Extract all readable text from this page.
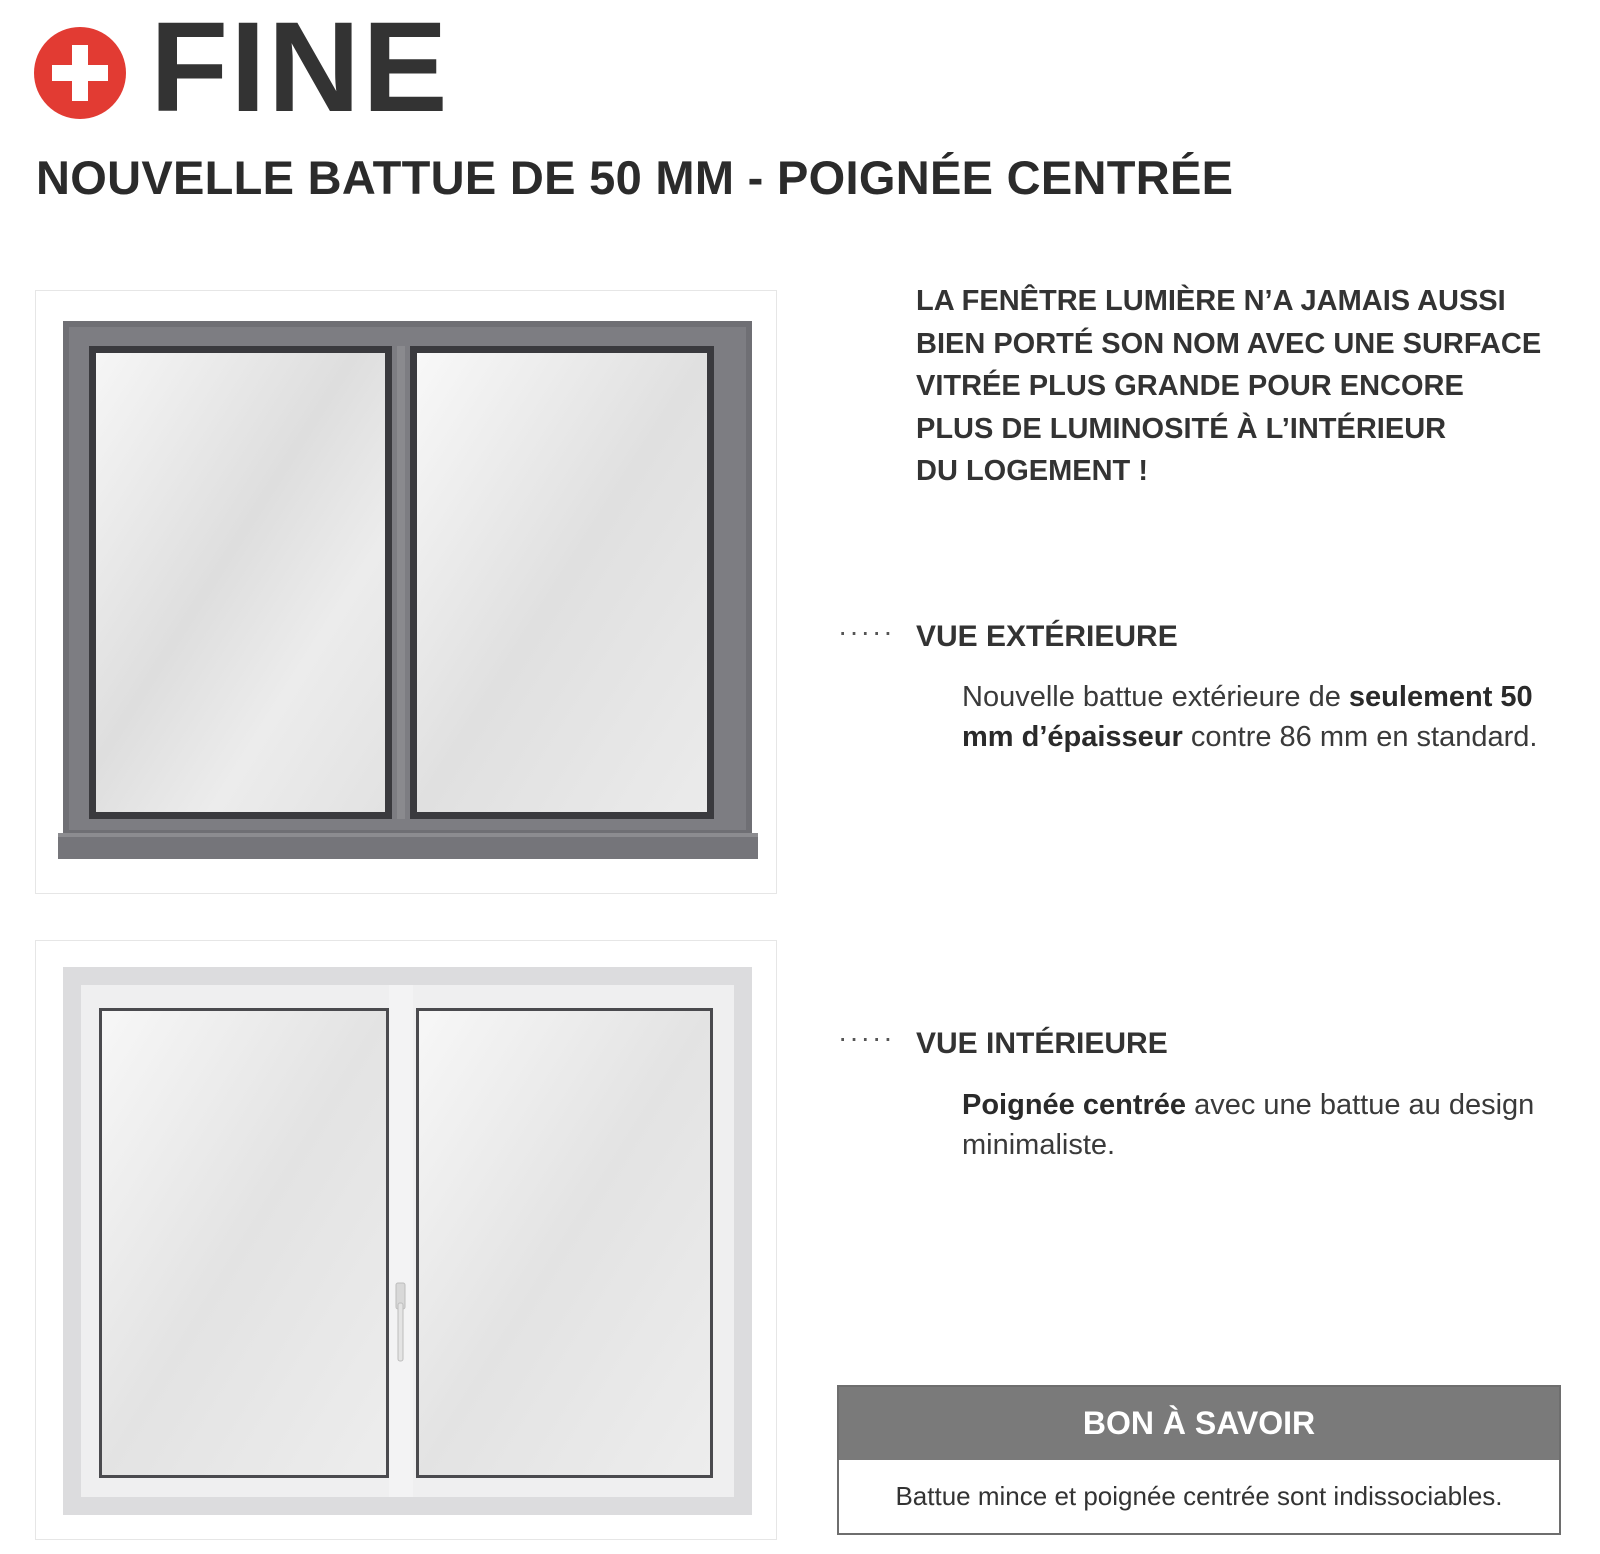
FINE
NOUVELLE BATTUE DE 50 MM - POIGNÉE CENTRÉE
LA FENÊTRE LUMIÈRE N’A JAMAIS AUSSI
BIEN PORTÉ SON NOM AVEC UNE SURFACE
VITRÉE PLUS GRANDE POUR ENCORE
PLUS DE LUMINOSITÉ À L’INTÉRIEUR
DU LOGEMENT !
····· VUE EXTÉRIEURE
Nouvelle battue extérieure de seulement 50 mm d’épaisseur contre 86 mm en standard.
····· VUE INTÉRIEURE
Poignée centrée avec une battue au design minimaliste.
BON À SAVOIR
Battue mince et poignée centrée sont indissociables.
